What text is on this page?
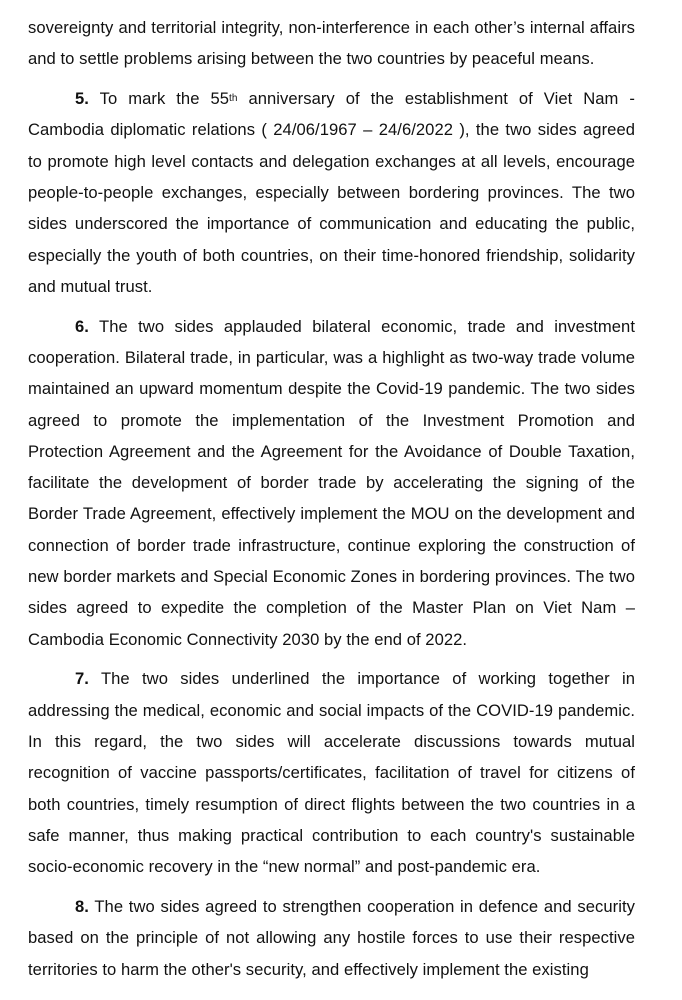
sovereignty and territorial integrity, non-interference in each other’s internal affairs and to settle problems arising between the two countries by peaceful means.

5. To mark the 55th anniversary of the establishment of Viet Nam - Cambodia diplomatic relations ( 24/06/1967 – 24/6/2022 ), the two sides agreed to promote high level contacts and delegation exchanges at all levels, encourage people-to-people exchanges, especially between bordering provinces. The two sides underscored the importance of communication and educating the public, especially the youth of both countries, on their time-honored friendship, solidarity and mutual trust.

6. The two sides applauded bilateral economic, trade and investment cooperation. Bilateral trade, in particular, was a highlight as two-way trade volume maintained an upward momentum despite the Covid-19 pandemic. The two sides agreed to promote the implementation of the Investment Promotion and Protection Agreement and the Agreement for the Avoidance of Double Taxation, facilitate the development of border trade by accelerating the signing of the Border Trade Agreement, effectively implement the MOU on the development and connection of border trade infrastructure, continue exploring the construction of new border markets and Special Economic Zones in bordering provinces. The two sides agreed to expedite the completion of the Master Plan on Viet Nam – Cambodia Economic Connectivity 2030 by the end of 2022.

7. The two sides underlined the importance of working together in addressing the medical, economic and social impacts of the COVID-19 pandemic. In this regard, the two sides will accelerate discussions towards mutual recognition of vaccine passports/certificates, facilitation of travel for citizens of both countries, timely resumption of direct flights between the two countries in a safe manner, thus making practical contribution to each country's sustainable socio-economic recovery in the “new normal” and post-pandemic era.

8. The two sides agreed to strengthen cooperation in defence and security based on the principle of not allowing any hostile forces to use their respective territories to harm the other's security, and effectively implement the existing
